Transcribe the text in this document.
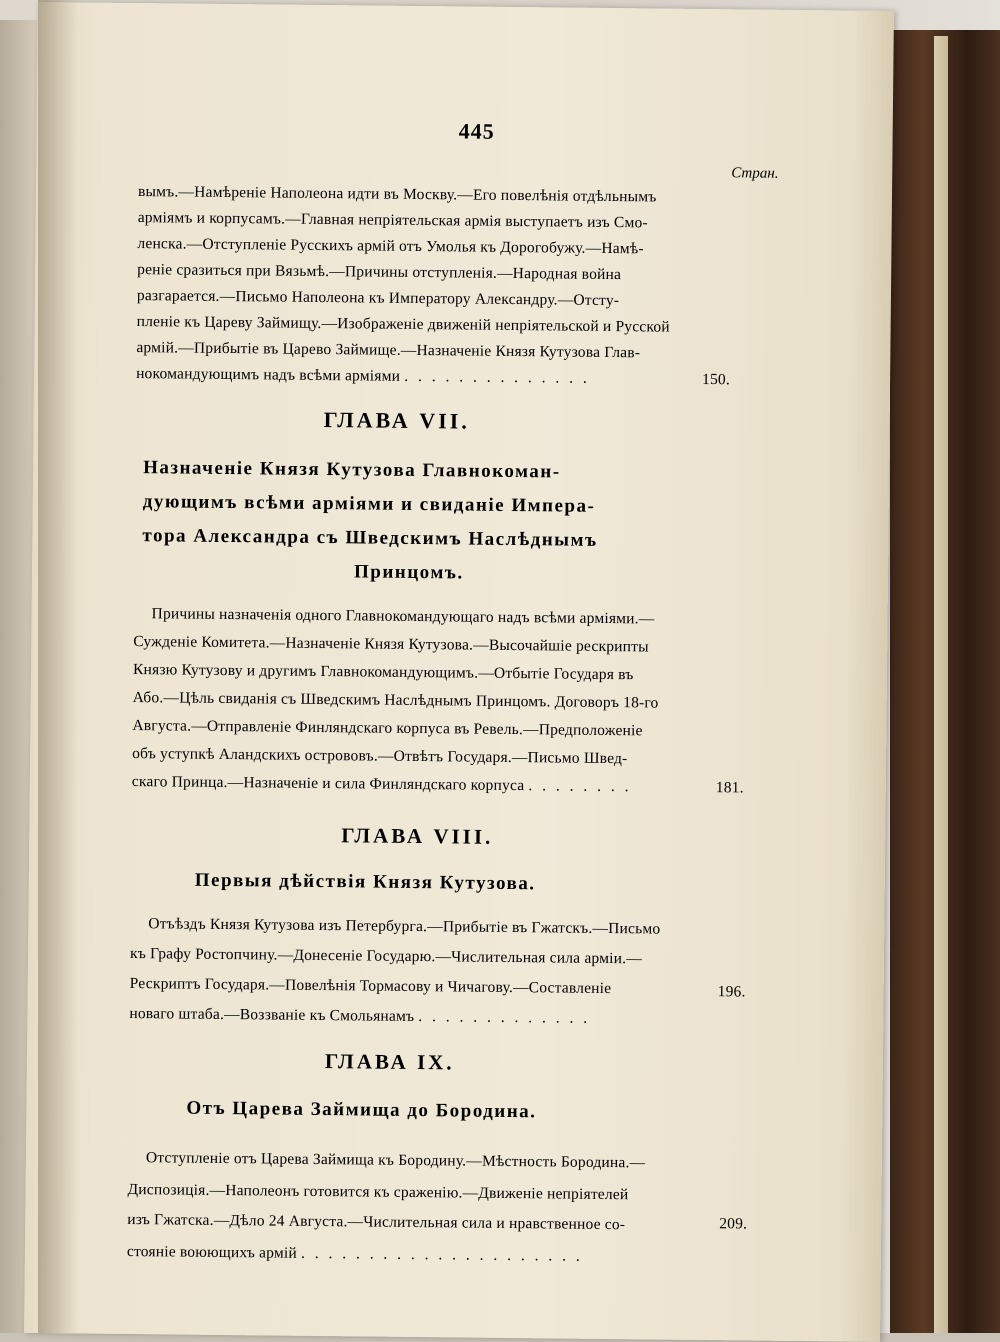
445
Стран.
вымъ.—Намѣреніе Наполеона идти въ Москву.—Его повелѣнія отдѣльнымъ
арміямъ и корпусамъ.—Главная непріятельская армія выступаетъ изъ Смо-
ленска.—Отступленіе Русскихъ армій отъ Умолья къ Дорогобужу.—Намѣ-
реніе сразиться при Вязьмѣ.—Причины отступленія.—Народная война
разгарается.—Письмо Наполеона къ Императору Александру.—Отсту-
пленіе къ Цареву Займищу.—Изображеніе движеній непріятельской и Русской
армій.—Прибытіе въ Царево Займище.—Назначеніе Князя Кутузова Глав-
нокомандующимъ надъ всѣми арміями . . . . . . . . . . . . . .	150.
ГЛАВА VII.
Назначеніе Князя Кутузова Главнокоман-
дующимъ всѣми арміями и свиданіе Импера-
тора Александра съ Шведскимъ Наслѣднымъ
Принцомъ.
Причины назначенія одного Главнокомандующаго надъ всѣми арміями.—
Сужденіе Комитета.—Назначеніе Князя Кутузова.—Высочайшіе рескрипты
Князю Кутузову и другимъ Главнокомандующимъ.—Отбытіе Государя въ
Або.—Цѣль свиданія съ Шведскимъ Наслѣднымъ Принцомъ. Договоръ 18-го
Августа.—Отправленіе Финляндскаго корпуса въ Ревель.—Предположеніе
объ уступкѣ Аландскихъ острововъ.—Отвѣтъ Государя.—Письмо Швед-
скаго Принца.—Назначеніе и сила Финляндскаго корпуса . . . . . . . .	181.
ГЛАВА VIII.
Первыя дѣйствія Князя Кутузова.
Отъѣздъ Князя Кутузова изъ Петербурга.—Прибытіе въ Гжатскъ.—Письмо
къ Графу Ростопчину.—Донесеніе Государю.—Числительная сила арміи.—
Рескриптъ Государя.—Повелѣнія Тормасову и Чичагову.—Составленіе
новаго штаба.—Воззваніе къ Смольянамъ . . . . . . . . . . . . .
196.
ГЛАВА IX.
Отъ Царева Займища до Бородина.
Отступленіе отъ Царева Займища къ Бородину.—Мѣстность Бородина.—
Диспозиція.—Наполеонъ готовится къ сраженію.—Движеніе непріятелей
изъ Гжатска.—Дѣло 24 Августа.—Числительная сила и нравственное со-
стояніе воюющихъ армій . . . . . . . . . . . . . . . . . . . . .
209.
